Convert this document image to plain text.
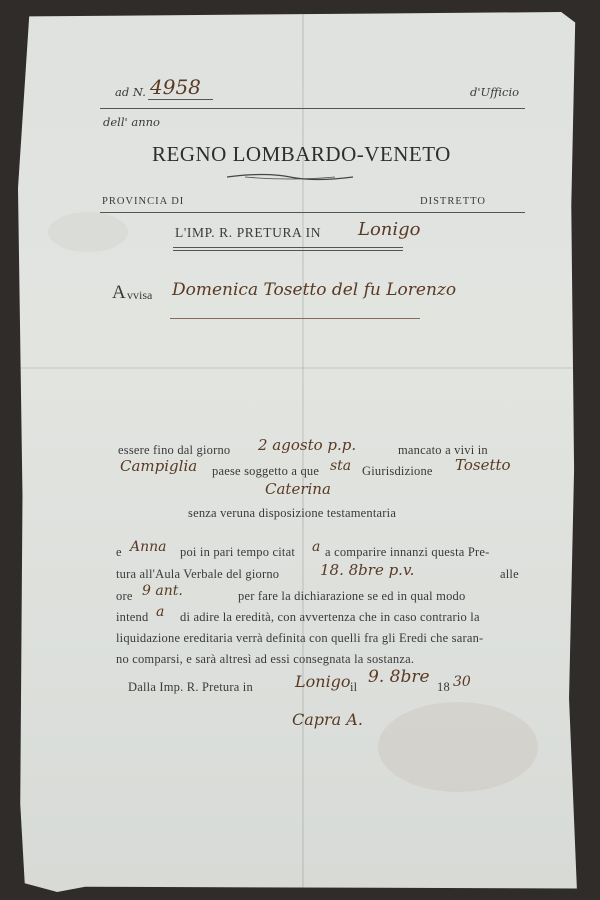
ad N. 4958	d'Ufficio
dell' anno
REGNO LOMBARDO-VENETO
PROVINCIA DI	DISTRETTO
L'IMP. R. PRETURA IN Lonigo
A vvisa Domenica Tosetto del fu Lorenzo
essere fino dal giorno 2 agosto p.p.	mancato a vivi in
Campiglia paese soggetto a que sta Giurisdizione Tosetto
Caterina
senza veruna disposizione testamentaria
e Anna poi in pari tempo citat a a comparire innanzi questa Pre-
tura all'Aula Verbale del giorno	18. 8bre p.v.	alle
ore 9 ant.	per fare la dichiarazione se ed in qual modo
intend a di adire la eredità, con avvertenza che in caso contrario la
liquidazione ereditaria verrà definita con quelli fra gli Eredi che saran-
no comparsi, e sarà altresì ad essi consegnata la sostanza.
Dalla Imp. R. Pretura in	Lonigo il 9. 8bre 18 30
Capra A.
